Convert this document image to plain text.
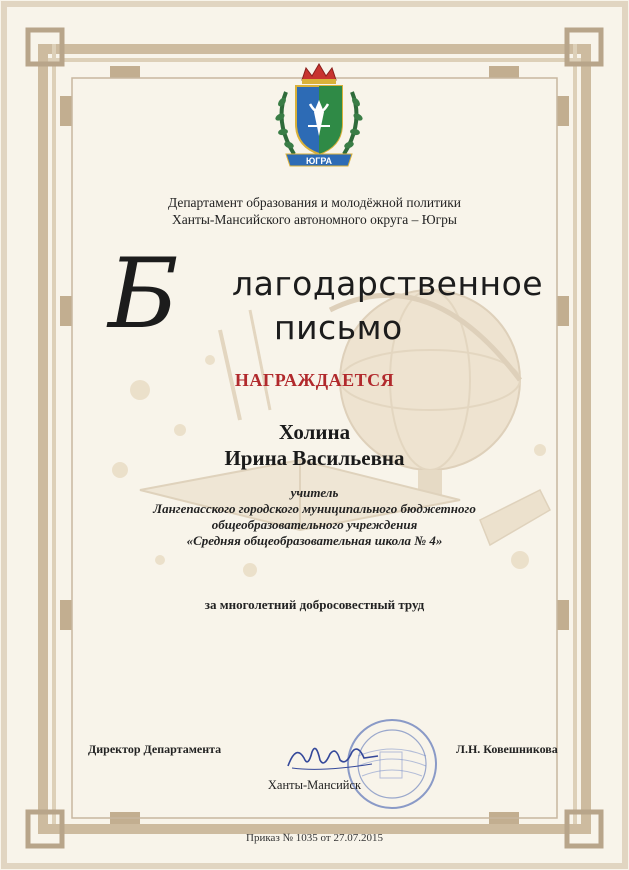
ЮГРА
Департамент образования и молодёжной политики
Ханты-Мансийского автономного округа – Югры
Б лагодарственное
письмо
НАГРАЖДАЕТСЯ
Холина
Ирина Васильевна
учитель
Лангепасского городского муниципального бюджетного
общеобразовательного учреждения
«Средняя общеобразовательная школа № 4»
за многолетний добросовестный труд
Директор Департамента	Л.Н. Ковешникова
Ханты-Мансийск
Приказ № 1035 от 27.07.2015
